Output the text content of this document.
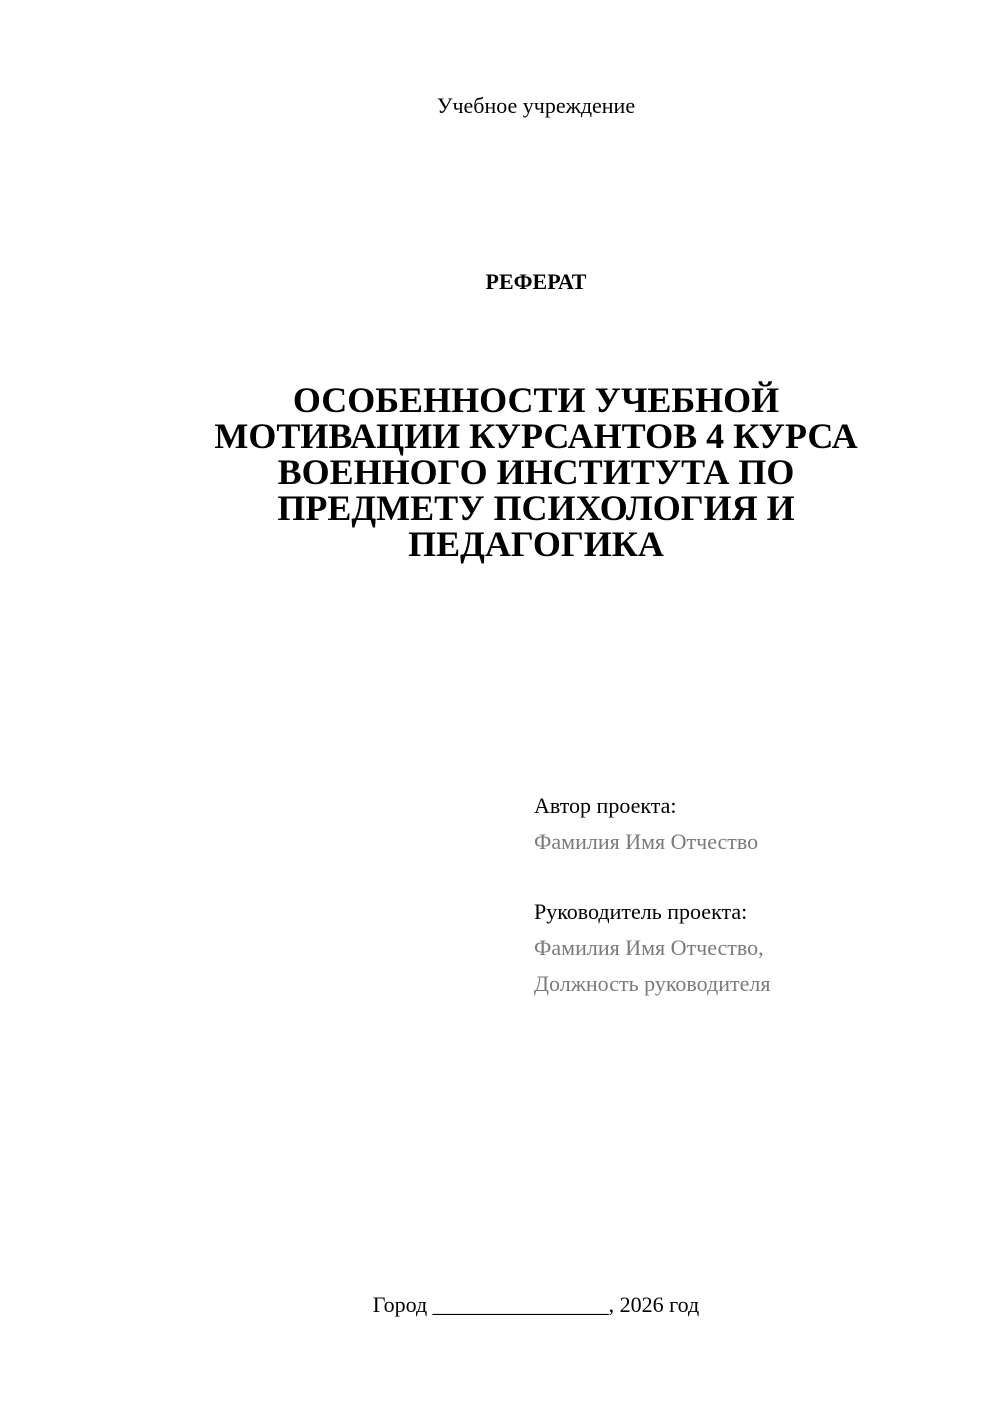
Учебное учреждение
РЕФЕРАТ
ОСОБЕННОСТИ УЧЕБНОЙ
МОТИВАЦИИ КУРСАНТОВ 4 КУРСА
ВОЕННОГО ИНСТИТУТА ПО
ПРЕДМЕТУ ПСИХОЛОГИЯ И
ПЕДАГОГИКА
Автор проекта:
Фамилия Имя Отчество
Руководитель проекта:
Фамилия Имя Отчество,
Должность руководителя
Город ________________, 2026 год
